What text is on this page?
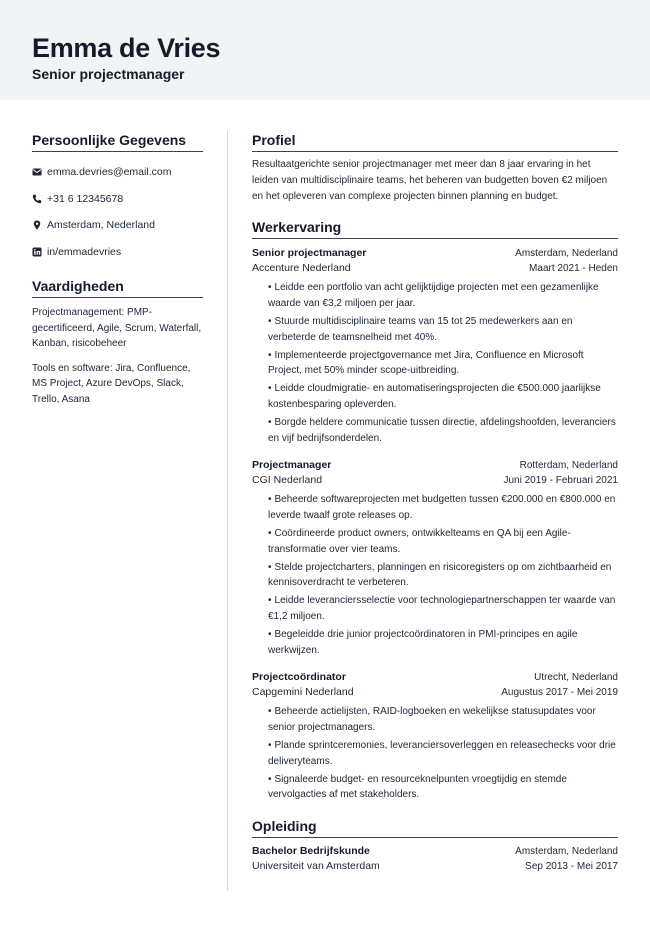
Emma de Vries
Senior projectmanager
Persoonlijke Gegevens
emma.devries@email.com
+31 6 12345678
Amsterdam, Nederland
in/emmadevries
Vaardigheden
Projectmanagement: PMP-gecertificeerd, Agile, Scrum, Waterfall, Kanban, risicobeheer
Tools en software: Jira, Confluence, MS Project, Azure DevOps, Slack, Trello, Asana
Profiel
Resultaatgerichte senior projectmanager met meer dan 8 jaar ervaring in het leiden van multidisciplinaire teams, het beheren van budgetten boven €2 miljoen en het opleveren van complexe projecten binnen planning en budget.
Werkervaring
Senior projectmanager	Amsterdam, Nederland
Accenture Nederland	Maart 2021 - Heden
• Leidde een portfolio van acht gelijktijdige projecten met een gezamenlijke waarde van €3,2 miljoen per jaar.
• Stuurde multidisciplinaire teams van 15 tot 25 medewerkers aan en verbeterde de teamsnelheid met 40%.
• Implementeerde projectgovernance met Jira, Confluence en Microsoft Project, met 50% minder scope-uitbreiding.
• Leidde cloudmigratie- en automatiseringsprojecten die €500.000 jaarlijkse kostenbesparing opleverden.
• Borgde heldere communicatie tussen directie, afdelingshoofden, leveranciers en vijf bedrijfsonderdelen.
Projectmanager	Rotterdam, Nederland
CGI Nederland	Juni 2019 - Februari 2021
• Beheerde softwareprojecten met budgetten tussen €200.000 en €800.000 en leverde twaalf grote releases op.
• Coördineerde product owners, ontwikkelteams en QA bij een Agile-transformatie over vier teams.
• Stelde projectcharters, planningen en risicoregisters op om zichtbaarheid en kennisoverdracht te verbeteren.
• Leidde leveranciersselectie voor technologiepartnerschappen ter waarde van €1,2 miljoen.
• Begeleidde drie junior projectcoördinatoren in PMI-principes en agile werkwijzen.
Projectcoördinator	Utrecht, Nederland
Capgemini Nederland	Augustus 2017 - Mei 2019
• Beheerde actielijsten, RAID-logboeken en wekelijkse statusupdates voor senior projectmanagers.
• Plande sprintceremonies, leveranciersoverleggen en releasechecks voor drie deliveryteams.
• Signaleerde budget- en resourceknelpunten vroegtijdig en stemde vervolgacties af met stakeholders.
Opleiding
Bachelor Bedrijfskunde	Amsterdam, Nederland
Universiteit van Amsterdam	Sep 2013 - Mei 2017
